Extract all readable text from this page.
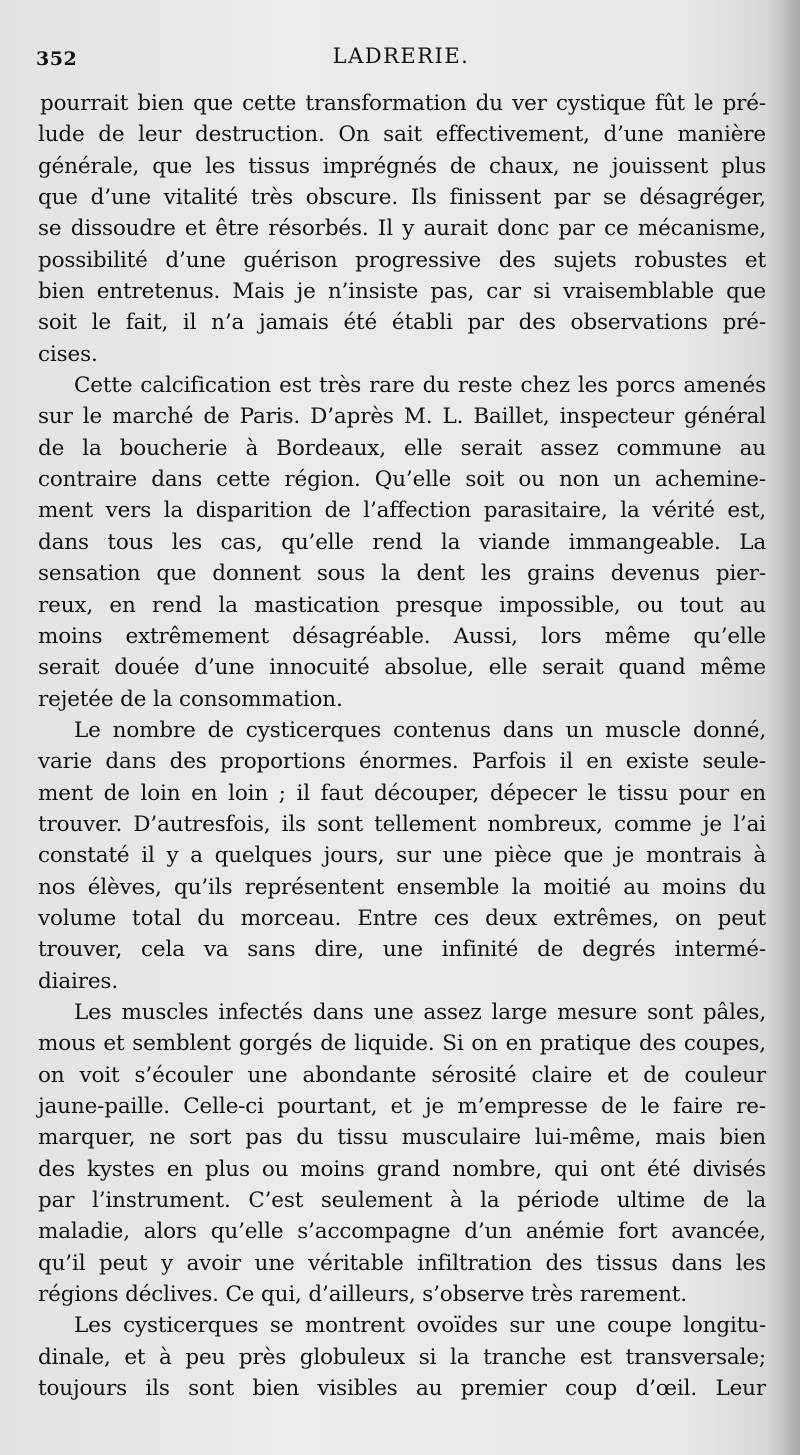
352	LADRERIE.
pourrait bien que cette transformation du ver cystique fût le pré-
lude de leur destruction. On sait effectivement, d’une manière
générale, que les tissus imprégnés de chaux, ne jouissent plus
que d’une vitalité très obscure. Ils finissent par se désagréger,
se dissoudre et être résorbés. Il y aurait donc par ce mécanisme,
possibilité d’une guérison progressive des sujets robustes et
bien entretenus. Mais je n’insiste pas, car si vraisemblable que
soit le fait, il n’a jamais été établi par des observations pré-
cises.
Cette calcification est très rare du reste chez les porcs amenés
sur le marché de Paris. D’après M. L. Baillet, inspecteur général
de la boucherie à Bordeaux, elle serait assez commune au
contraire dans cette région. Qu’elle soit ou non un achemine-
ment vers la disparition de l’affection parasitaire, la vérité est,
dans tous les cas, qu’elle rend la viande immangeable. La
sensation que donnent sous la dent les grains devenus pier-
reux, en rend la mastication presque impossible, ou tout au
moins extrêmement désagréable. Aussi, lors même qu’elle
serait douée d’une innocuité absolue, elle serait quand même
rejetée de la consommation.
Le nombre de cysticerques contenus dans un muscle donné,
varie dans des proportions énormes. Parfois il en existe seule-
ment de loin en loin ; il faut découper, dépecer le tissu pour en
trouver. D’autresfois, ils sont tellement nombreux, comme je l’ai
constaté il y a quelques jours, sur une pièce que je montrais à
nos élèves, qu’ils représentent ensemble la moitié au moins du
volume total du morceau. Entre ces deux extrêmes, on peut
trouver, cela va sans dire, une infinité de degrés intermé-
diaires.
Les muscles infectés dans une assez large mesure sont pâles,
mous et semblent gorgés de liquide. Si on en pratique des coupes,
on voit s’écouler une abondante sérosité claire et de couleur
jaune-paille. Celle-ci pourtant, et je m’empresse de le faire re-
marquer, ne sort pas du tissu musculaire lui-même, mais bien
des kystes en plus ou moins grand nombre, qui ont été divisés
par l’instrument. C’est seulement à la période ultime de la
maladie, alors qu’elle s’accompagne d’un anémie fort avancée,
qu’il peut y avoir une véritable infiltration des tissus dans les
régions déclives. Ce qui, d’ailleurs, s’observe très rarement.
Les cysticerques se montrent ovoïdes sur une coupe longitu-
dinale, et à peu près globuleux si la tranche est transversale;
toujours ils sont bien visibles au premier coup d’œil. Leur
